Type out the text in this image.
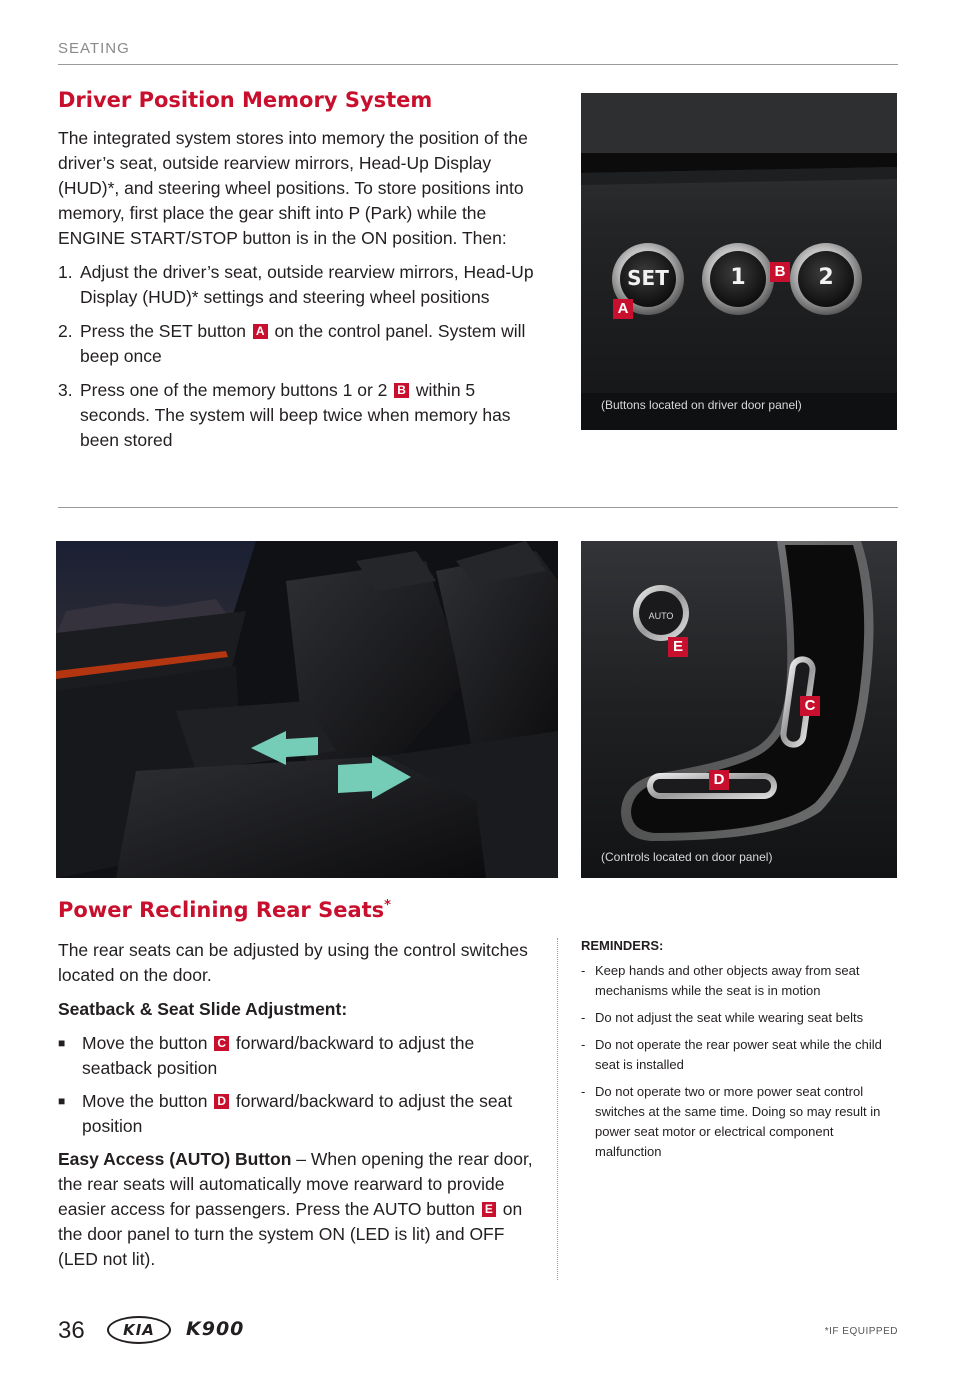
SEATING
Driver Position Memory System

The integrated system stores into memory the position of the driver’s seat, outside rearview mirrors, Head-Up Display (HUD)*, and steering wheel positions. To store positions into memory, first place the gear shift into P (Park) while the ENGINE START/STOP button is in the ON position. Then:

1. Adjust the driver’s seat, outside rearview mirrors, Head-Up Display (HUD)* settings and steering wheel positions
2. Press the SET button A on the control panel. System will beep once
3. Press one of the memory buttons 1 or 2 B within 5 seconds. The system will beep twice when memory has been stored
SET	1	2
A
B
(Buttons located on driver door panel)
AUTO
E
C
D
(Controls located on door panel)
Power Reclining Rear Seats*

The rear seats can be adjusted by using the control switches located on the door.

Seatback & Seat Slide Adjustment:

■ Move the button C forward/backward to adjust the seatback position
■ Move the button D forward/backward to adjust the seat position

Easy Access (AUTO) Button – When opening the rear door, the rear seats will automatically move rearward to provide easier access for passengers. Press the AUTO button E on the door panel to turn the system ON (LED is lit) and OFF (LED not lit).

REMINDERS:
- Keep hands and other objects away from seat mechanisms while the seat is in motion
- Do not adjust the seat while wearing seat belts
- Do not operate the rear power seat while the child seat is installed
- Do not operate two or more power seat control switches at the same time. Doing so may result in power seat motor or electrical component malfunction
36	KIA	K900	*IF EQUIPPED
